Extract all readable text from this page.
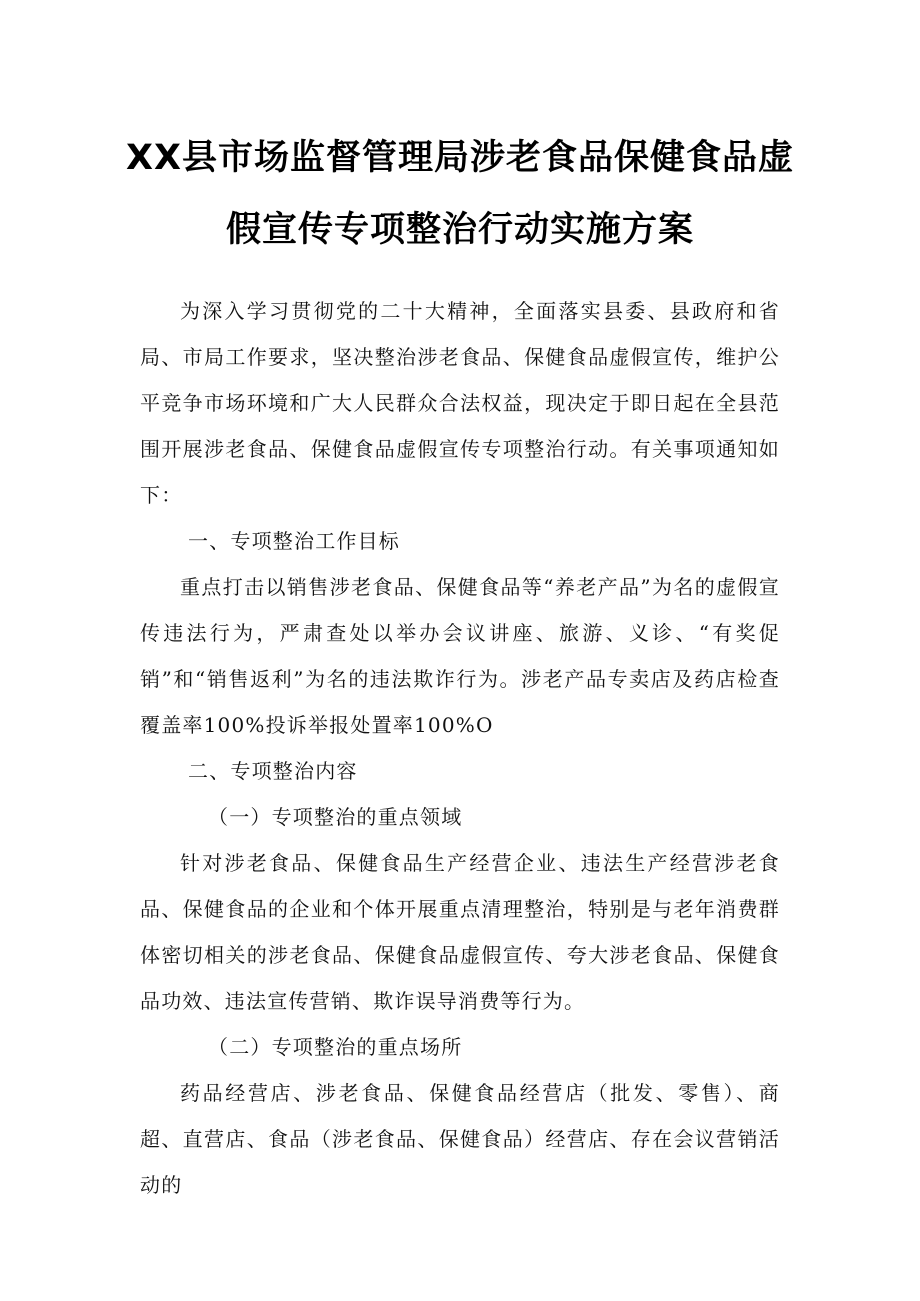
XX县市场监督管理局涉老食品保健食品虚
假宣传专项整治行动实施方案

为深入学习贯彻党的二十大精神，全面落实县委、县政府和省局、市局工作要求，坚决整治涉老食品、保健食品虚假宣传，维护公平竞争市场环境和广大人民群众合法权益，现决定于即日起在全县范围开展涉老食品、保健食品虚假宣传专项整治行动。有关事项通知如下：

一、专项整治工作目标

重点打击以销售涉老食品、保健食品等“养老产品”为名的虚假宣传违法行为，严肃查处以举办会议讲座、旅游、义诊、“有奖促销”和“销售返利”为名的违法欺诈行为。涉老产品专卖店及药店检查覆盖率100%投诉举报处置率100%O

二、专项整治内容

（一）专项整治的重点领域

针对涉老食品、保健食品生产经营企业、违法生产经营涉老食品、保健食品的企业和个体开展重点清理整治，特别是与老年消费群体密切相关的涉老食品、保健食品虚假宣传、夸大涉老食品、保健食品功效、违法宣传营销、欺诈误导消费等行为。

（二）专项整治的重点场所

药品经营店、涉老食品、保健食品经营店（批发、零售）、商超、直营店、食品（涉老食品、保健食品）经营店、存在会议营销活动的
